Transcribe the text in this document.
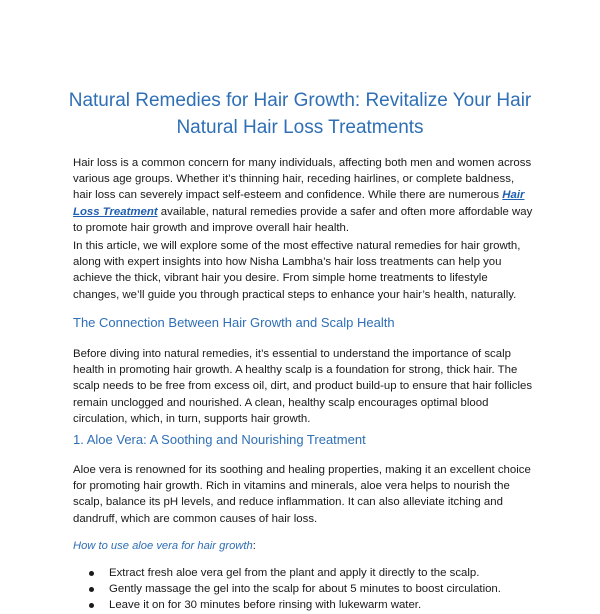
Natural Remedies for Hair Growth: Revitalize Your Hair
Natural Hair Loss Treatments

Hair loss is a common concern for many individuals, affecting both men and women across various age groups. Whether it’s thinning hair, receding hairlines, or complete baldness, hair loss can severely impact self-esteem and confidence. While there are numerous Hair Loss Treatment available, natural remedies provide a safer and often more affordable way to promote hair growth and improve overall hair health.

In this article, we will explore some of the most effective natural remedies for hair growth, along with expert insights into how Nisha Lambha’s hair loss treatments can help you achieve the thick, vibrant hair you desire. From simple home treatments to lifestyle changes, we’ll guide you through practical steps to enhance your hair’s health, naturally.

The Connection Between Hair Growth and Scalp Health

Before diving into natural remedies, it’s essential to understand the importance of scalp health in promoting hair growth. A healthy scalp is a foundation for strong, thick hair. The scalp needs to be free from excess oil, dirt, and product build-up to ensure that hair follicles remain unclogged and nourished. A clean, healthy scalp encourages optimal blood circulation, which, in turn, supports hair growth.

1. Aloe Vera: A Soothing and Nourishing Treatment

Aloe vera is renowned for its soothing and healing properties, making it an excellent choice for promoting hair growth. Rich in vitamins and minerals, aloe vera helps to nourish the scalp, balance its pH levels, and reduce inflammation. It can also alleviate itching and dandruff, which are common causes of hair loss.

How to use aloe vera for hair growth:

Extract fresh aloe vera gel from the plant and apply it directly to the scalp.
Gently massage the gel into the scalp for about 5 minutes to boost circulation.
Leave it on for 30 minutes before rinsing with lukewarm water.
